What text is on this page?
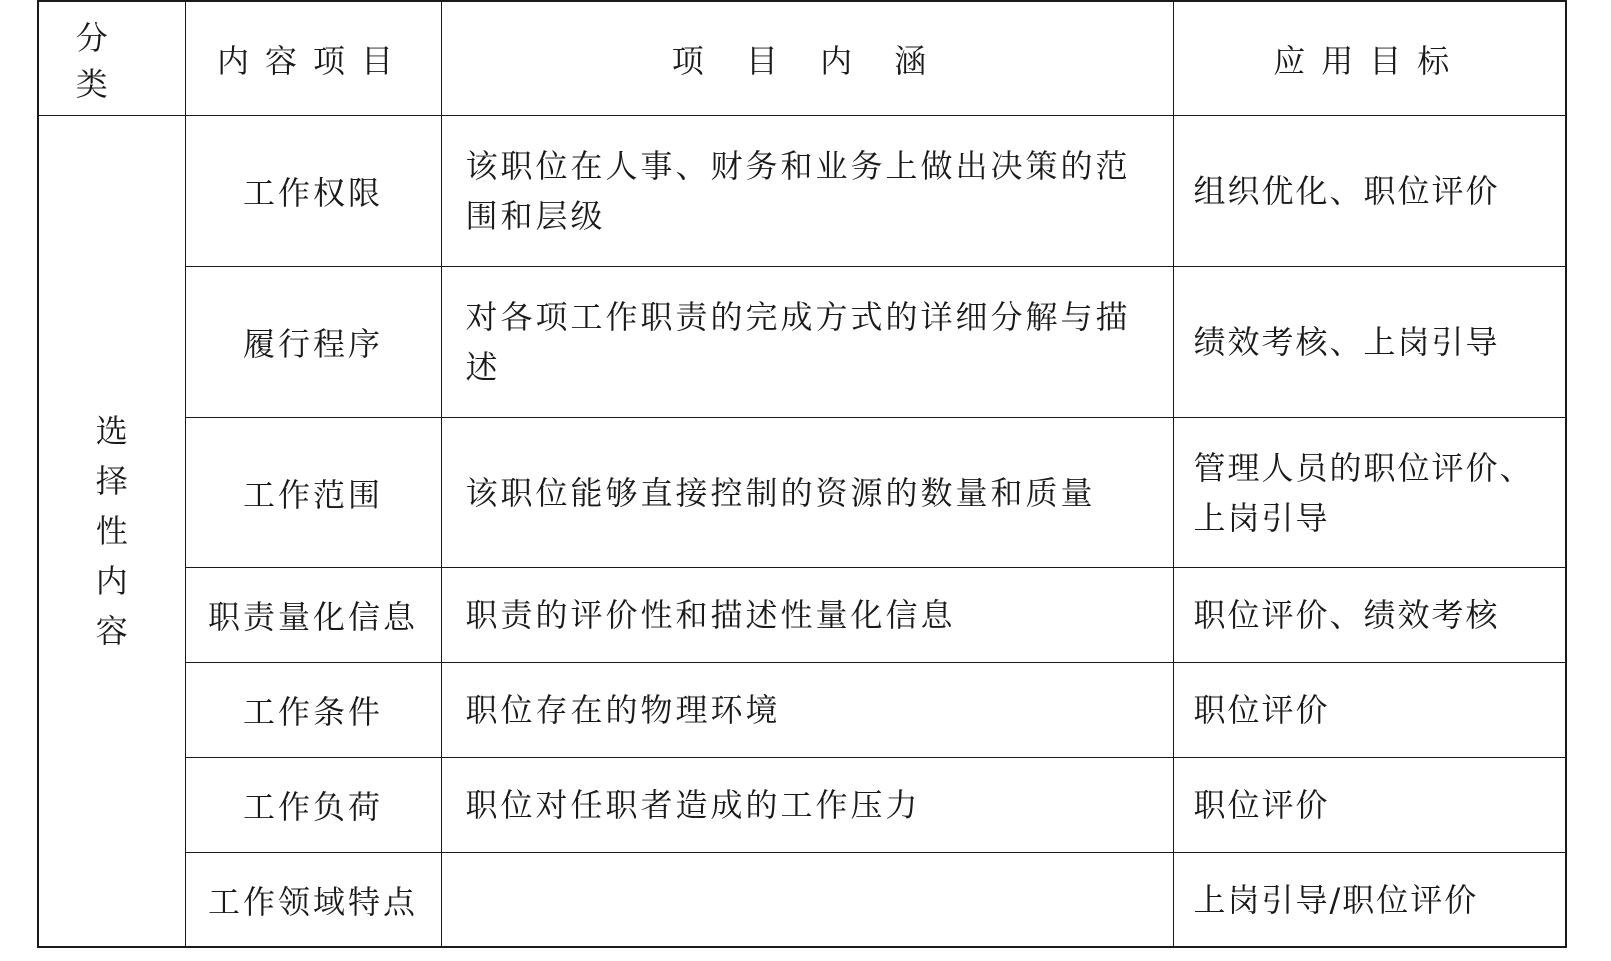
分 类	内容项目	项 目 内 涵	应用目标
选择性内容	工作权限	该职位在人事、财务和业务上做出决策的范围和层级	组织优化、职位评价
	履行程序	对各项工作职责的完成方式的详细分解与描述	绩效考核、上岗引导
	工作范围	该职位能够直接控制的资源的数量和质量	管理人员的职位评价、上岗引导
	职责量化信息	职责的评价性和描述性量化信息	职位评价、绩效考核
	工作条件	职位存在的物理环境	职位评价
	工作负荷	职位对任职者造成的工作压力	职位评价
	工作领域特点		上岗引导/职位评价
